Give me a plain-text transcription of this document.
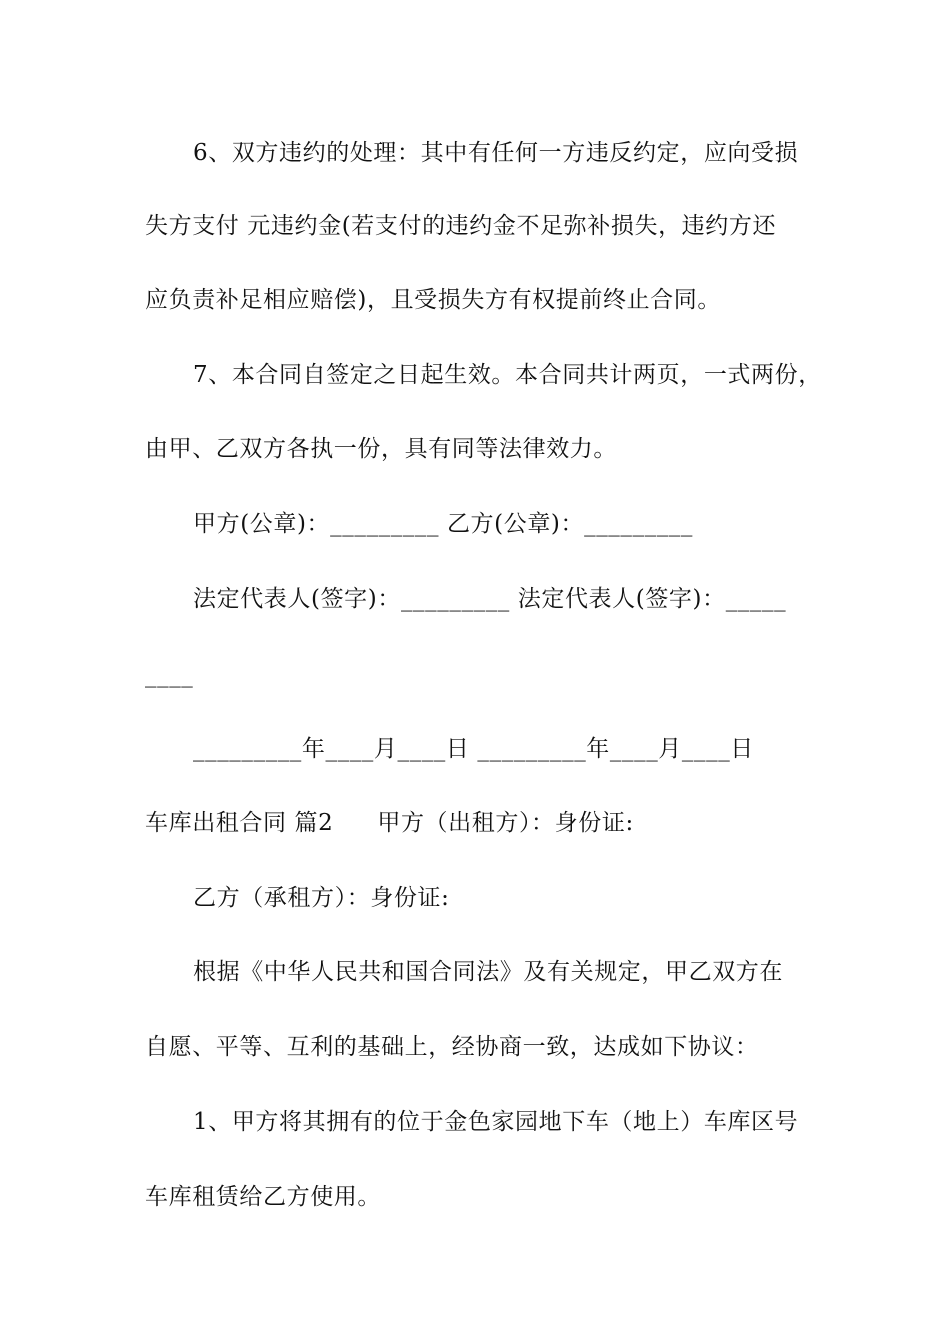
6、双方违约的处理：其中有任何一方违反约定，应向受损
失方支付 元违约金(若支付的违约金不足弥补损失，违约方还
应负责补足相应赔偿)，且受损失方有权提前终止合同。
7、本合同自签定之日起生效。本合同共计两页，一式两份，
由甲、乙双方各执一份，具有同等法律效力。
甲方(公章)：_________ 乙方(公章)：_________
法定代表人(签字)：_________ 法定代表人(签字)：_____
____
_________年____月____日 _________年____月____日
车库出租合同 篇2 甲方（出租方）：身份证:
乙方（承租方）：身份证:
根据《中华人民共和国合同法》及有关规定，甲乙双方在
自愿、平等、互利的基础上，经协商一致，达成如下协议：
1、甲方将其拥有的位于金色家园地下车（地上）车库区号
车库租赁给乙方使用。
